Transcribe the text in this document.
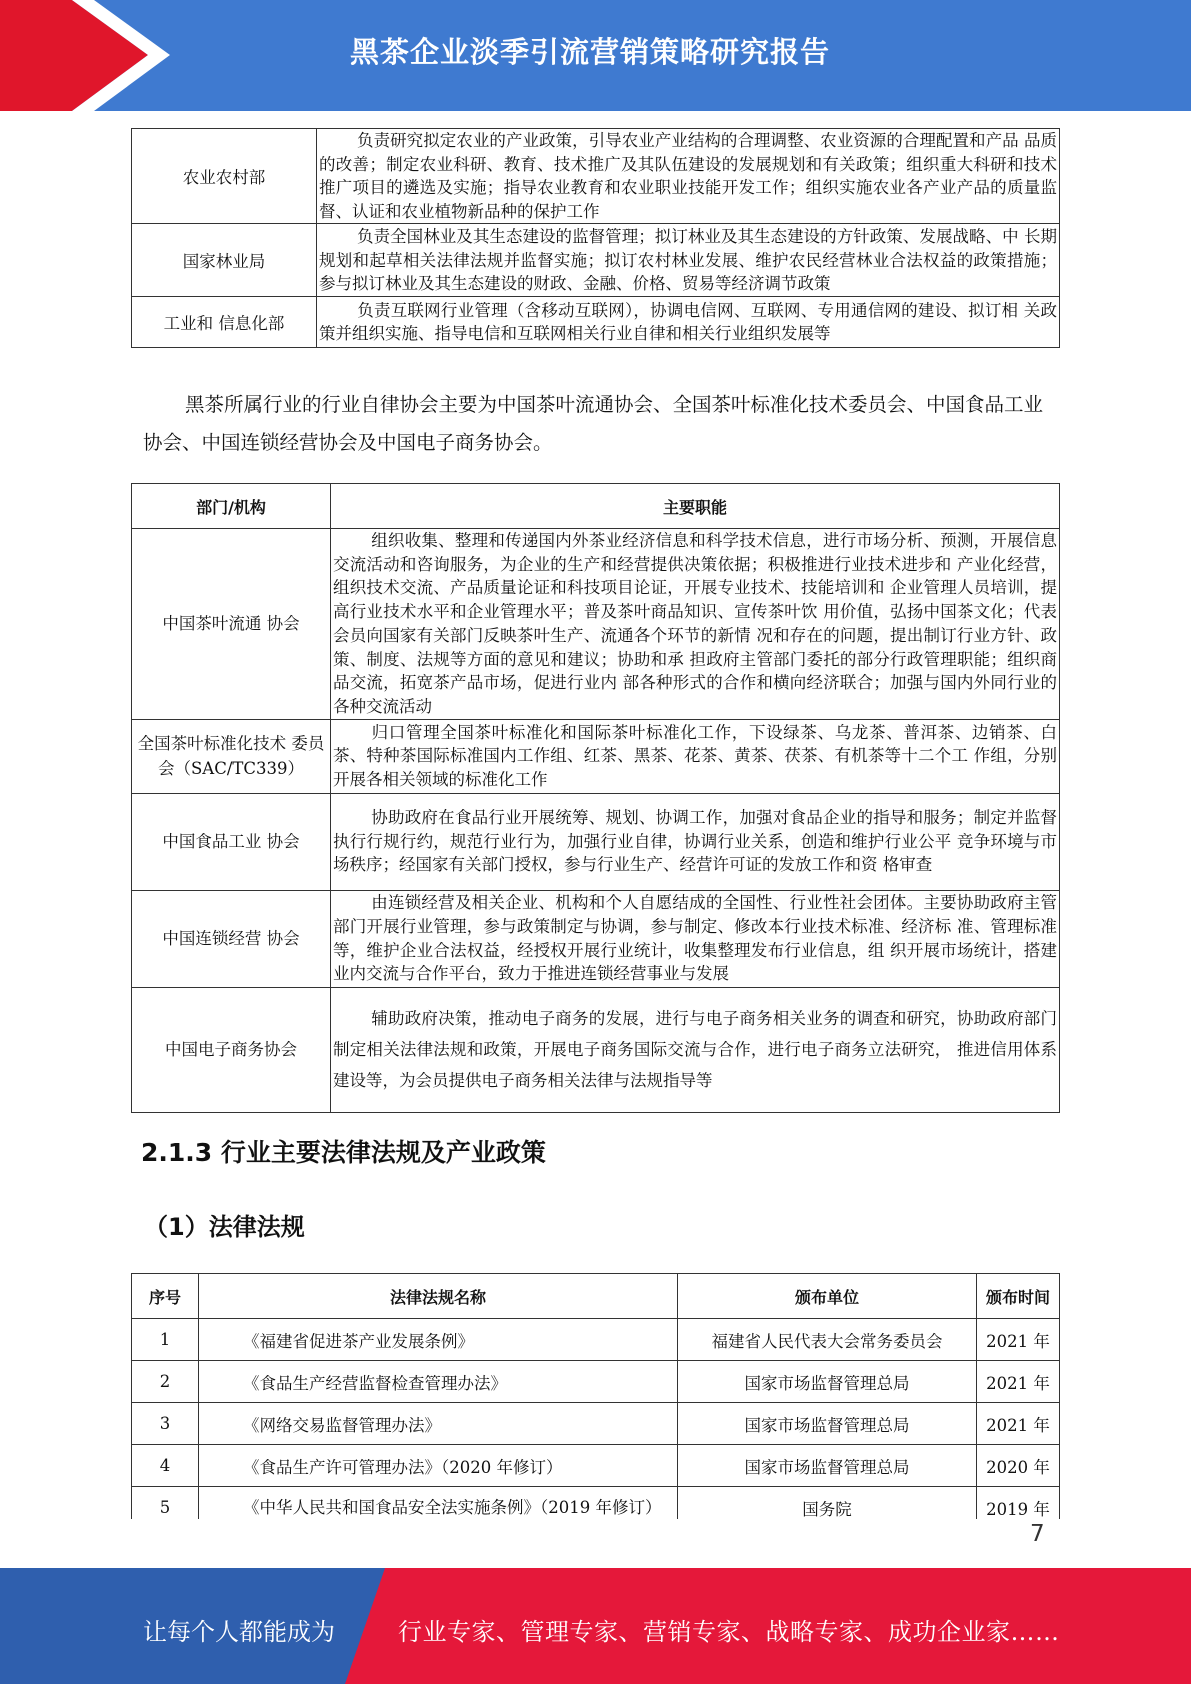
黑茶企业淡季引流营销策略研究报告
农业农村部	负责研究拟定农业的产业政策，引导农业产业结构的合理调整、农业资源的合理配置和产品 品质的改善；制定农业科研、教育、技术推广及其队伍建设的发展规划和有关政策；组织重大科研和技术推广项目的遴选及实施；指导农业教育和农业职业技能开发工作；组织实施农业各产业产品的质量监督、认证和农业植物新品种的保护工作
国家林业局	负责全国林业及其生态建设的监督管理；拟订林业及其生态建设的方针政策、发展战略、中 长期规划和起草相关法律法规并监督实施；拟订农村林业发展、维护农民经营林业合法权益的政策措施；参与拟订林业及其生态建设的财政、金融、价格、贸易等经济调节政策
工业和 信息化部	负责互联网行业管理（含移动互联网），协调电信网、互联网、专用通信网的建设、拟订相 关政策并组织实施、指导电信和互联网相关行业自律和相关行业组织发展等
黑茶所属行业的行业自律协会主要为中国茶叶流通协会、全国茶叶标准化技术委员会、中国食品工业协会、中国连锁经营协会及中国电子商务协会。
部门/机构	主要职能
中国茶叶流通 协会	组织收集、整理和传递国内外茶业经济信息和科学技术信息，进行市场分析、预测，开展信息交流活动和咨询服务，为企业的生产和经营提供决策依据；积极推进行业技术进步和 产业化经营，组织技术交流、产品质量论证和科技项目论证，开展专业技术、技能培训和 企业管理人员培训，提高行业技术水平和企业管理水平；普及茶叶商品知识、宣传茶叶饮 用价值，弘扬中国茶文化；代表会员向国家有关部门反映茶叶生产、流通各个环节的新情 况和存在的问题，提出制订行业方针、政策、制度、法规等方面的意见和建议；协助和承 担政府主管部门委托的部分行政管理职能；组织商品交流，拓宽茶产品市场，促进行业内 部各种形式的合作和横向经济联合；加强与国内外同行业的各种交流活动
全国茶叶标准化技术 委员会（SAC/TC339）	归口管理全国茶叶标准化和国际茶叶标准化工作，下设绿茶、乌龙茶、普洱茶、边销茶、白茶、特种茶国际标准国内工作组、红茶、黑茶、花茶、黄茶、茯茶、有机茶等十二个工 作组，分别开展各相关领域的标准化工作
中国食品工业 协会	协助政府在食品行业开展统筹、规划、协调工作，加强对食品企业的指导和服务；制定并监督执行行规行约，规范行业行为，加强行业自律，协调行业关系，创造和维护行业公平 竞争环境与市场秩序；经国家有关部门授权，参与行业生产、经营许可证的发放工作和资 格审查
中国连锁经营 协会	由连锁经营及相关企业、机构和个人自愿结成的全国性、行业性社会团体。主要协助政府主管部门开展行业管理，参与政策制定与协调，参与制定、修改本行业技术标准、经济标 准、管理标准等，维护企业合法权益，经授权开展行业统计，收集整理发布行业信息，组 织开展市场统计，搭建业内交流与合作平台，致力于推进连锁经营事业与发展
中国电子商务协会	辅助政府决策，推动电子商务的发展，进行与电子商务相关业务的调查和研究，协助政府部门制定相关法律法规和政策，开展电子商务国际交流与合作，进行电子商务立法研究， 推进信用体系建设等，为会员提供电子商务相关法律与法规指导等
2.1.3 行业主要法律法规及产业政策
（1）法律法规
序号	法律法规名称	颁布单位	颁布时间
1	《福建省促进茶产业发展条例》	福建省人民代表大会常务委员会	2021 年
2	《食品生产经营监督检查管理办法》	国家市场监督管理总局	2021 年
3	《网络交易监督管理办法》	国家市场监督管理总局	2021 年
4	《食品生产许可管理办法》（2020 年修订）	国家市场监督管理总局	2020 年
5	《中华人民共和国食品安全法实施条例》（2019 年修订）	国务院	2019 年
7
让每个人都能成为	行业专家、管理专家、营销专家、战略专家、成功企业家……
